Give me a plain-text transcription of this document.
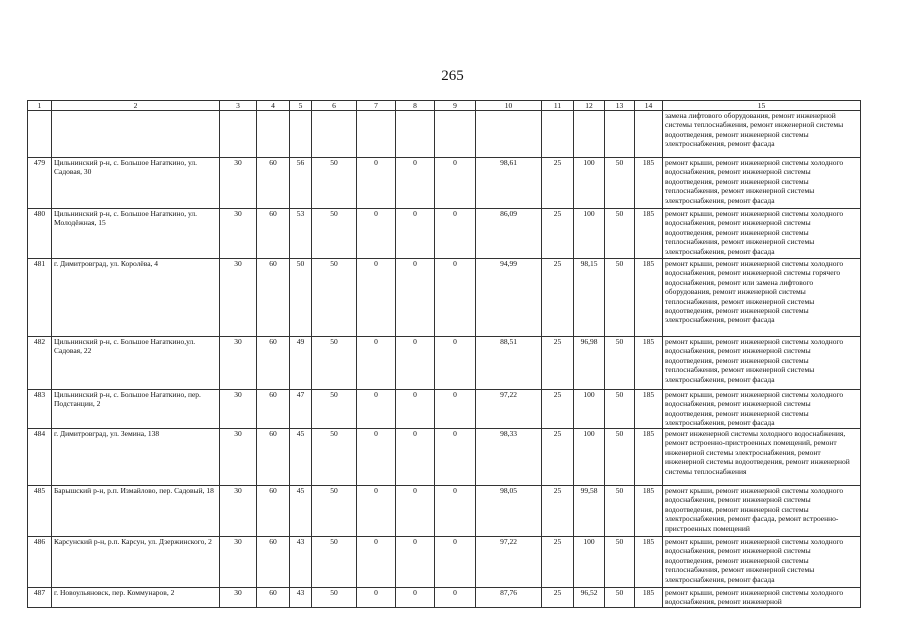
265
1	2	3	4	5	6	7	8	9	10	11	12	13	14	15
														замена лифтового оборудования, ремонт инженерной системы теплоснабжения, ремонт инженерной системы водоотведения, ремонт инженерной системы электроснабжения, ремонт фасада
479	Цильнинский р-н, с. Большое Нагаткино, ул. Садовая, 30	30	60	56	50	0	0	0	98,61	25	100	50	185	ремонт крыши, ремонт инженерной системы холодного водоснабжения, ремонт инженерной системы водоотведения, ремонт инженерной системы теплоснабжения, ремонт инженерной системы электроснабжения, ремонт фасада
480	Цильнинский р-н, с. Большое Нагаткино, ул. Молодёжная, 15	30	60	53	50	0	0	0	86,09	25	100	50	185	ремонт крыши, ремонт инженерной системы холодного водоснабжения, ремонт инженерной системы водоотведения, ремонт инженерной системы теплоснабжения, ремонт инженерной системы электроснабжения, ремонт фасада
481	г. Димитровград, ул. Королёва, 4	30	60	50	50	0	0	0	94,99	25	98,15	50	185	ремонт крыши, ремонт инженерной системы холодного водоснабжения, ремонт инженерной системы горячего водоснабжения, ремонт или замена лифтового оборудования, ремонт инженерной системы теплоснабжения, ремонт инженерной системы водоотведения, ремонт инженерной системы электроснабжения, ремонт фасада
482	Цильнинский р-н, с. Большое Нагаткино,ул. Садовая, 22	30	60	49	50	0	0	0	88,51	25	96,98	50	185	ремонт крыши, ремонт инженерной системы холодного водоснабжения, ремонт инженерной системы водоотведения, ремонт инженерной системы теплоснабжения, ремонт инженерной системы электроснабжения, ремонт фасада
483	Цильнинский р-н, с. Большое Нагаткино, пер. Подстанции, 2	30	60	47	50	0	0	0	97,22	25	100	50	185	ремонт крыши, ремонт инженерной системы холодного водоснабжения, ремонт инженерной системы водоотведения, ремонт инженерной системы электроснабжения, ремонт фасада
484	г. Димитровград, ул. Земина, 138	30	60	45	50	0	0	0	98,33	25	100	50	185	ремонт инженерной системы холодного водоснабжения, ремонт встроенно-пристроенных помещений, ремонт инженерной системы электроснабжения, ремонт инженерной системы водоотведения, ремонт инженерной системы теплоснабжения
485	Барышский р-н, р.п. Измайлово, пер. Садовый, 18	30	60	45	50	0	0	0	98,05	25	99,58	50	185	ремонт крыши, ремонт инженерной системы холодного водоснабжения, ремонт инженерной системы водоотведения, ремонт инженерной системы электроснабжения, ремонт фасада, ремонт встроенно-пристроенных помещений
486	Карсунский р-н, р.п. Карсун, ул. Дзержинского, 2	30	60	43	50	0	0	0	97,22	25	100	50	185	ремонт крыши, ремонт инженерной системы холодного водоснабжения, ремонт инженерной системы водоотведения, ремонт инженерной системы теплоснабжения, ремонт инженерной системы электроснабжения, ремонт фасада
487	г. Новоульяновск, пер. Коммунаров, 2	30	60	43	50	0	0	0	87,76	25	96,52	50	185	ремонт крыши, ремонт инженерной системы холодного водоснабжения, ремонт инженерной
